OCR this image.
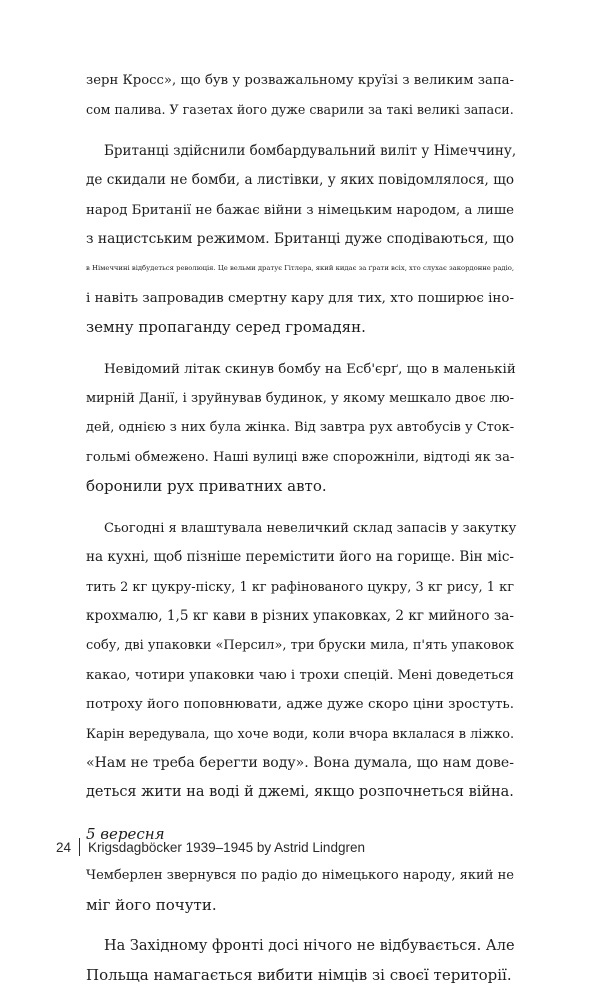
зерн Кросс», що був у розважальному круїзі з великим запа-
сом палива. У газетах його дуже сварили за такі великі запаси.

Британці здійснили бомбардувальний виліт у Німеччину,
де скидали не бомби, а листівки, у яких повідомлялося, що
народ Британії не бажає війни з німецьким народом, а лише
з нацистським режимом. Британці дуже сподіваються, що
в Німеччині відбудеться революція. Це вельми дратує Гітлера, який кидає за ґрати всіх, хто слухає закордонне радіо,
і навіть запровадив смертну кару для тих, хто поширює іно-
земну пропаганду серед громадян.

Невідомий літак скинув бомбу на Есб'єрґ, що в маленькій
мирній Данії, і зруйнував будинок, у якому мешкало двоє лю-
дей, однією з них була жінка. Від завтра рух автобусів у Сток-
гольмі обмежено. Наші вулиці вже спорожніли, відтоді як за-
боронили рух приватних авто.

Сьогодні я влаштувала невеличкий склад запасів у закутку
на кухні, щоб пізніше перемістити його на горище. Він міс-
тить 2 кг цукру-піску, 1 кг рафінованого цукру, 3 кг рису, 1 кг
крохмалю, 1,5 кг кави в різних упаковках, 2 кг мийного за-
собу, дві упаковки «Персил», три бруски мила, п'ять упаковок
какао, чотири упаковки чаю і трохи спецій. Мені доведеться
потроху його поповнювати, адже дуже скоро ціни зростуть.
Карін вередувала, що хоче води, коли вчора вклалася в ліжко.
«Нам не треба берегти воду». Вона думала, що нам дове-
деться жити на воді й джемі, якщо розпочнеться війна.

5 вересня

Чемберлен звернувся по радіо до німецького народу, який не
міг його почути.

На Західному фронті досі нічого не відбувається. Але
Польща намагається вибити німців зі своєї території.

24 Krigsdagböcker 1939–1945 by Astrid Lindgren
